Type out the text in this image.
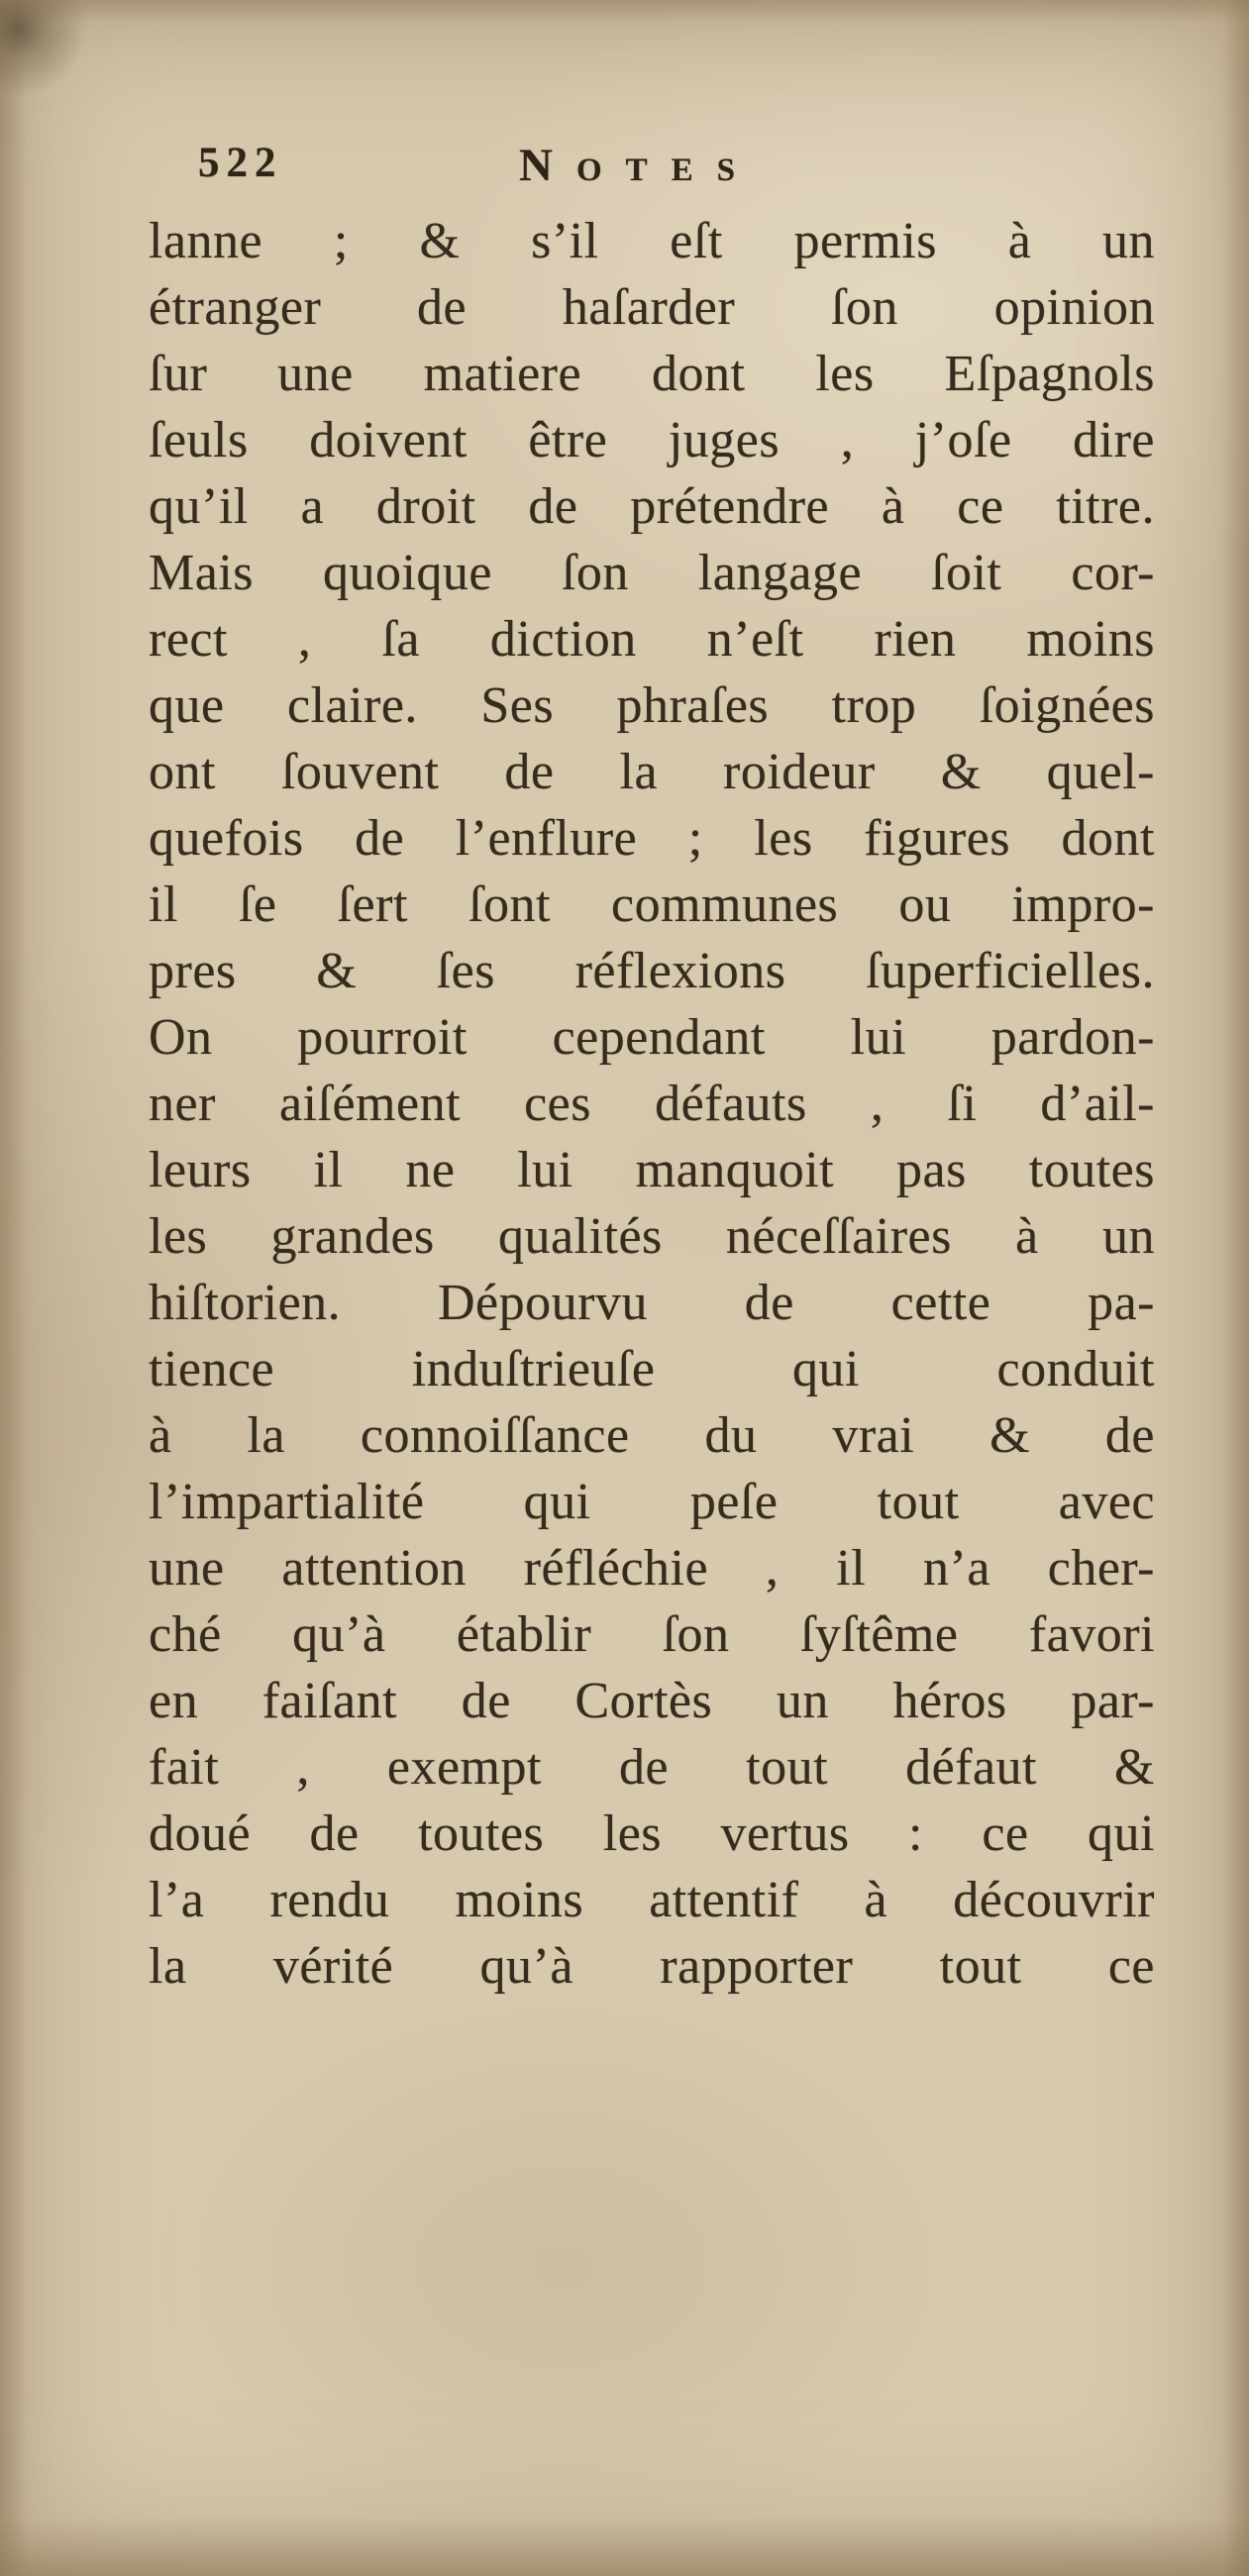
522	NOTES
lanne ; & s’il eſt permis à un
étranger de haſarder ſon opinion
ſur une matiere dont les Eſpagnols
ſeuls doivent être juges , j’oſe dire
qu’il a droit de prétendre à ce titre.
Mais quoique ſon langage ſoit cor-
rect , ſa diction n’eſt rien moins
que claire. Ses phraſes trop ſoignées
ont ſouvent de la roideur & quel-
quefois de l’enflure ; les figures dont
il ſe ſert ſont communes ou impro-
pres & ſes réflexions ſuperficielles.
On pourroit cependant lui pardon-
ner aiſément ces défauts , ſi d’ail-
leurs il ne lui manquoit pas toutes
les grandes qualités néceſſaires à un
hiſtorien. Dépourvu de cette pa-
tience induſtrieuſe qui conduit
à la connoiſſance du vrai & de
l’impartialité qui peſe tout avec
une attention réfléchie , il n’a cher-
ché qu’à établir ſon ſyſtême favori
en faiſant de Cortès un héros par-
fait , exempt de tout défaut &
doué de toutes les vertus : ce qui
l’a rendu moins attentif à découvrir
la vérité qu’à rapporter tout ce
